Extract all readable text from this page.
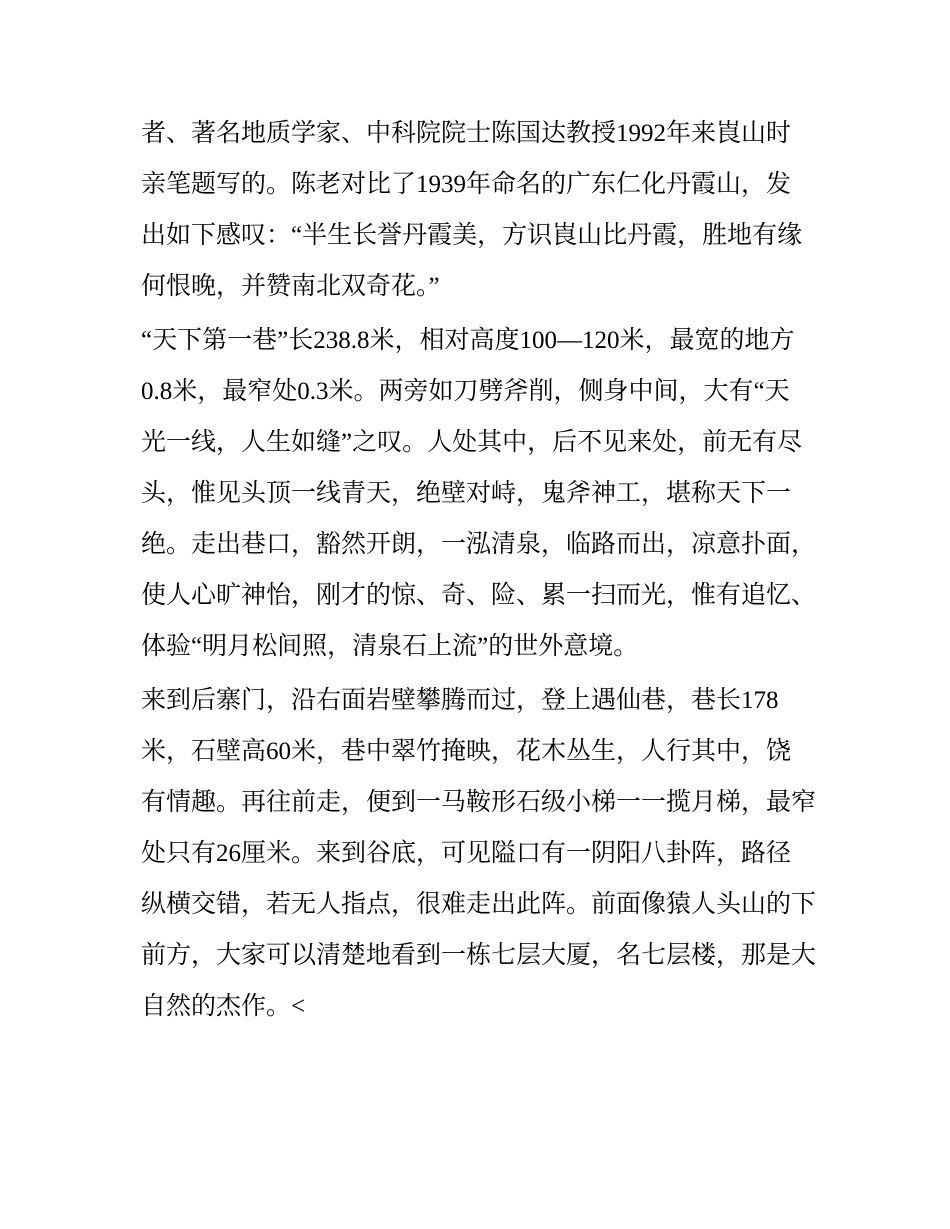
者、著名地质学家、中科院院士陈国达教授1992年来崀山时
亲笔题写的。陈老对比了1939年命名的广东仁化丹霞山，发
出如下感叹：“半生长誉丹霞美，方识崀山比丹霞，胜地有缘
何恨晚，并赞南北双奇花。”
“天下第一巷”长238.8米，相对高度100—120米，最宽的地方
0.8米，最窄处0.3米。两旁如刀劈斧削，侧身中间，大有“天
光一线，人生如缝”之叹。人处其中，后不见来处，前无有尽
头，惟见头顶一线青天，绝壁对峙，鬼斧神工，堪称天下一
绝。走出巷口，豁然开朗，一泓清泉，临路而出，凉意扑面，
使人心旷神怡，刚才的惊、奇、险、累一扫而光，惟有追忆、
体验“明月松间照，清泉石上流”的世外意境。
来到后寨门，沿右面岩壁攀腾而过，登上遇仙巷，巷长178
米，石壁高60米，巷中翠竹掩映，花木丛生，人行其中，饶
有情趣。再往前走，便到一马鞍形石级小梯一一揽月梯，最窄
处只有26厘米。来到谷底，可见隘口有一阴阳八卦阵，路径
纵横交错，若无人指点，很难走出此阵。前面像猿人头山的下
前方，大家可以清楚地看到一栋七层大厦，名七层楼，那是大
自然的杰作。<
